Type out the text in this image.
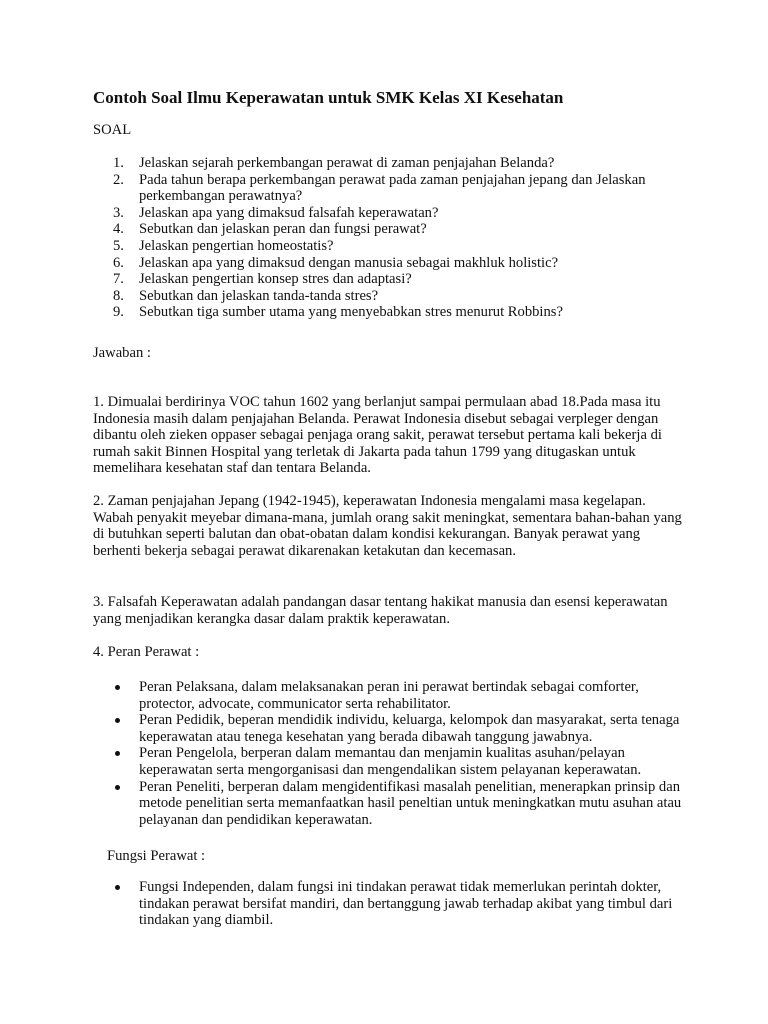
Contoh Soal Ilmu Keperawatan untuk SMK Kelas XI Kesehatan

SOAL

1. Jelaskan sejarah perkembangan perawat di zaman penjajahan Belanda?
2. Pada tahun berapa perkembangan perawat pada zaman penjajahan jepang dan Jelaskan perkembangan perawatnya?
3. Jelaskan apa yang dimaksud falsafah keperawatan?
4. Sebutkan dan jelaskan peran dan fungsi perawat?
5. Jelaskan pengertian homeostatis?
6. Jelaskan apa yang dimaksud dengan manusia sebagai makhluk holistic?
7. Jelaskan pengertian konsep stres dan adaptasi?
8. Sebutkan dan jelaskan tanda-tanda stres?
9. Sebutkan tiga sumber utama yang menyebabkan stres menurut Robbins?

Jawaban :

1. Dimualai berdirinya VOC tahun 1602 yang berlanjut sampai permulaan abad 18.Pada masa itu Indonesia masih dalam penjajahan Belanda. Perawat Indonesia disebut sebagai verpleger dengan dibantu oleh zieken oppaser sebagai penjaga orang sakit, perawat tersebut pertama kali bekerja di rumah sakit Binnen Hospital yang terletak di Jakarta pada tahun 1799 yang ditugaskan untuk memelihara kesehatan staf dan tentara Belanda.

2. Zaman penjajahan Jepang (1942-1945), keperawatan Indonesia mengalami masa kegelapan. Wabah penyakit meyebar dimana-mana, jumlah orang sakit meningkat, sementara bahan-bahan yang di butuhkan seperti balutan dan obat-obatan dalam kondisi kekurangan. Banyak perawat yang berhenti bekerja sebagai perawat dikarenakan ketakutan dan kecemasan.

3. Falsafah Keperawatan adalah pandangan dasar tentang hakikat manusia dan esensi keperawatan yang menjadikan kerangka dasar dalam praktik keperawatan.

4. Peran Perawat :

Peran Pelaksana, dalam melaksanakan peran ini perawat bertindak sebagai comforter, protector, advocate, communicator serta rehabilitator.
Peran Pedidik, beperan mendidik individu, keluarga, kelompok dan masyarakat, serta tenaga keperawatan atau tenega kesehatan yang berada dibawah tanggung jawabnya.
Peran Pengelola, berperan dalam memantau dan menjamin kualitas asuhan/pelayan keperawatan serta mengorganisasi dan mengendalikan sistem pelayanan keperawatan.
Peran Peneliti, berperan dalam mengidentifikasi masalah penelitian, menerapkan prinsip dan metode penelitian serta memanfaatkan hasil peneltian untuk meningkatkan mutu asuhan atau pelayanan dan pendidikan keperawatan.

Fungsi Perawat :

Fungsi Independen, dalam fungsi ini tindakan perawat tidak memerlukan perintah dokter, tindakan perawat bersifat mandiri, dan bertanggung jawab terhadap akibat yang timbul dari tindakan yang diambil.
